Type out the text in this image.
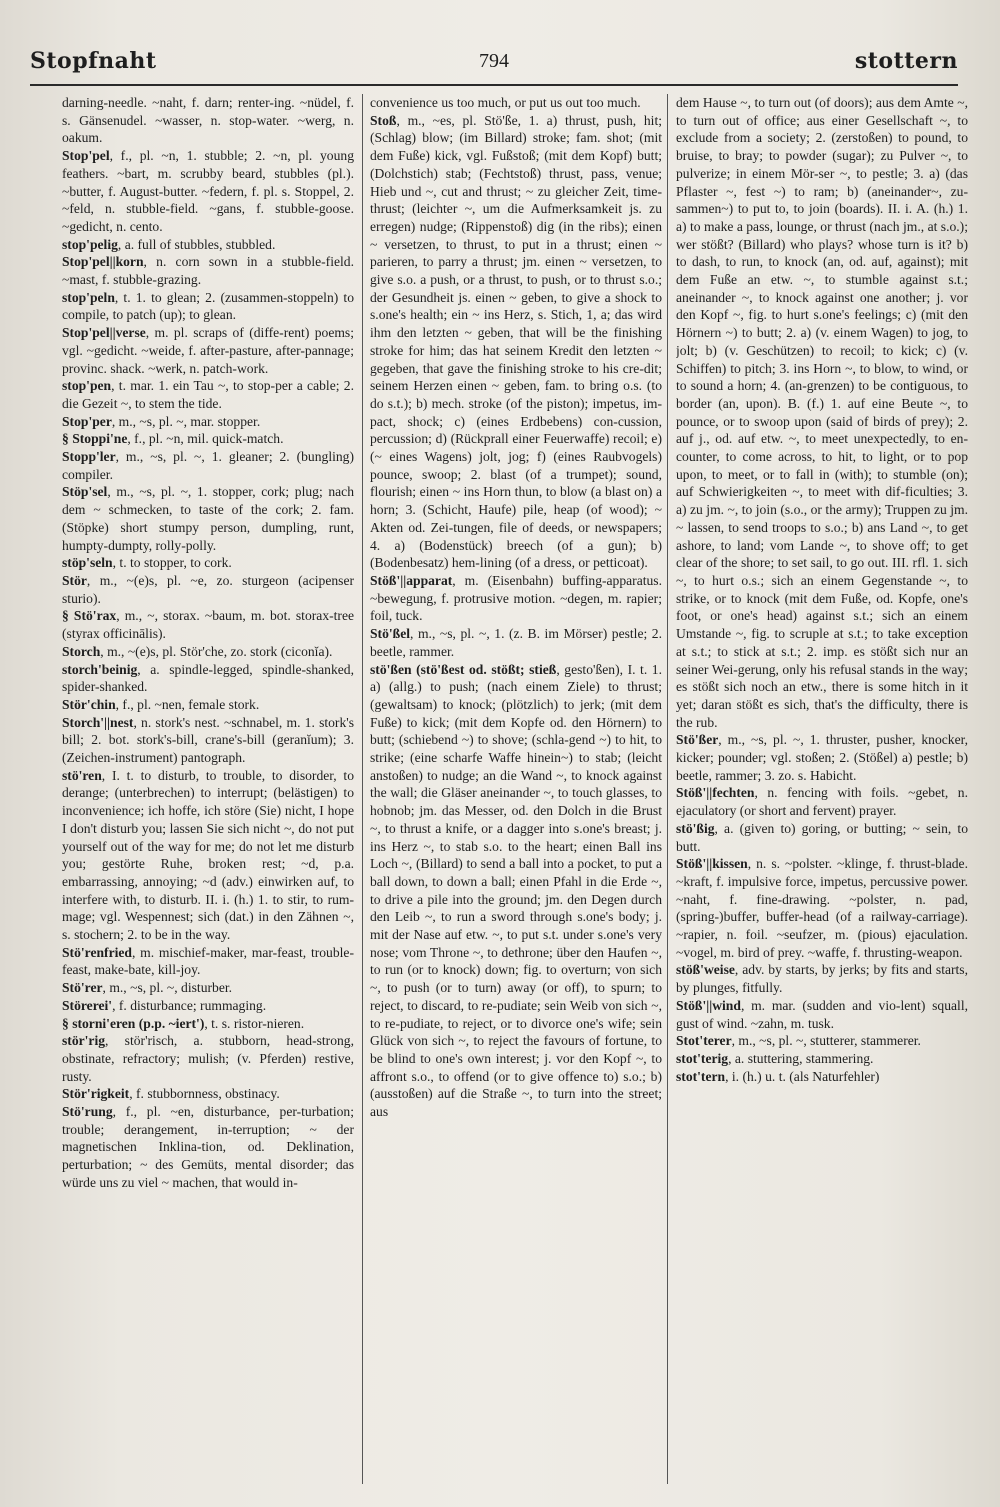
Stopfnaht	794	stottern

darning-needle. ~naht, f. darn; renter-ing. ~nüdel, f. s. Gänsenudel. ~wasser, n. stop-water. ~werg, n. oakum.

Stop'pel, f., pl. ~n, 1. stubble; 2. ~n, pl. young feathers. ~bart, m. scrubby beard, stubbles (pl.). ~butter, f. August-butter. ~federn, f. pl. s. Stoppel, 2. ~feld, n. stubble-field. ~gans, f. stubble-goose. ~gedicht, n. cento.

stop'pelig, a. full of stubbles, stubbled.

Stop'pel||korn, n. corn sown in a stubble-field. ~mast, f. stubble-grazing.

stop'peln, t. 1. to glean; 2. (zusammen-stoppeln) to compile, to patch (up); to glean.

Stop'pel||verse, m. pl. scraps of (diffe-rent) poems; vgl. ~gedicht. ~weide, f. after-pasture, after-pannage; provinc. shack. ~werk, n. patch-work.

stop'pen, t. mar. 1. ein Tau ~, to stop-per a cable; 2. die Gezeit ~, to stem the tide.

Stop'per, m., ~s, pl. ~, mar. stopper.

§ Stoppi'ne, f., pl. ~n, mil. quick-match.

Stopp'ler, m., ~s, pl. ~, 1. gleaner; 2. (bungling) compiler.

Stöp'sel, m., ~s, pl. ~, 1. stopper, cork; plug; nach dem ~ schmecken, to taste of the cork; 2. fam. (Stöpke) short stumpy person, dumpling, runt, humpty-dumpty, rolly-polly.

stöp'seln, t. to stopper, to cork.

Stör, m., ~(e)s, pl. ~e, zo. sturgeon (acipenser sturio).

§ Stö'rax, m., ~, storax. ~baum, m. bot. storax-tree (styrax officinālis).

Storch, m., ~(e)s, pl. Stör'che, zo. stork (ciconĭa).

storch'beinig, a. spindle-legged, spindle-shanked, spider-shanked.

Stör'chin, f., pl. ~nen, female stork.

Storch'||nest, n. stork's nest. ~schnabel, m. 1. stork's bill; 2. bot. stork's-bill, crane's-bill (geranĭum); 3. (Zeichen-instrument) pantograph.

stö'ren, I. t. to disturb, to trouble, to disorder, to derange; (unterbrechen) to interrupt; (belästigen) to inconvenience; ich hoffe, ich störe (Sie) nicht, I hope I don't disturb you; lassen Sie sich nicht ~, do not put yourself out of the way for me; do not let me disturb you; gestörte Ruhe, broken rest; ~d, p.a. embarrassing, annoying; ~d (adv.) einwirken auf, to interfere with, to disturb. II. i. (h.) 1. to stir, to rum-mage; vgl. Wespennest; sich (dat.) in den Zähnen ~, s. stochern; 2. to be in the way.

Stö'renfried, m. mischief-maker, mar-feast, trouble-feast, make-bate, kill-joy.

Stö'rer, m., ~s, pl. ~, disturber.

Störerei', f. disturbance; rummaging.

§ storni'eren (p.p. ~iert'), t. s. ristor-nieren.

stör'rig, stör'risch, a. stubborn, head-strong, obstinate, refractory; mulish; (v. Pferden) restive, rusty.

Stör'rigkeit, f. stubbornness, obstinacy.

Stö'rung, f., pl. ~en, disturbance, per-turbation; trouble; derangement, in-terruption; ~ der magnetischen Inklina-tion, od. Deklination, perturbation; ~ des Gemüts, mental disorder; das würde uns zu viel ~ machen, that would in-

convenience us too much, or put us out too much.

Stoß, m., ~es, pl. Stö'ße, 1. a) thrust, push, hit; (Schlag) blow; (im Billard) stroke; fam. shot; (mit dem Fuße) kick, vgl. Fußstoß; (mit dem Kopf) butt; (Dolchstich) stab; (Fechtstoß) thrust, pass, venue; Hieb und ~, cut and thrust; ~ zu gleicher Zeit, time-thrust; (leichter ~, um die Aufmerksamkeit js. zu erregen) nudge; (Rippenstoß) dig (in the ribs); einen ~ versetzen, to thrust, to put in a thrust; einen ~ parieren, to parry a thrust; jm. einen ~ versetzen, to give s.o. a push, or a thrust, to push, or to thrust s.o.; der Gesundheit js. einen ~ geben, to give a shock to s.one's health; ein ~ ins Herz, s. Stich, 1, a; das wird ihm den letzten ~ geben, that will be the finishing stroke for him; das hat seinem Kredit den letzten ~ gegeben, that gave the finishing stroke to his cre-dit; seinem Herzen einen ~ geben, fam. to bring o.s. (to do s.t.); b) mech. stroke (of the piston); impetus, im-pact, shock; c) (eines Erdbebens) con-cussion, percussion; d) (Rückprall einer Feuerwaffe) recoil; e) (~ eines Wagens) jolt, jog; f) (eines Raubvogels) pounce, swoop; 2. blast (of a trumpet); sound, flourish; einen ~ ins Horn thun, to blow (a blast on) a horn; 3. (Schicht, Haufe) pile, heap (of wood); ~ Akten od. Zei-tungen, file of deeds, or newspapers; 4. a) (Bodenstück) breech (of a gun); b) (Bodenbesatz) hem-lining (of a dress, or petticoat).

Stöß'||apparat, m. (Eisenbahn) buffing-apparatus. ~bewegung, f. protrusive motion. ~degen, m. rapier; foil, tuck.

Stö'ßel, m., ~s, pl. ~, 1. (z. B. im Mörser) pestle; 2. beetle, rammer.

stö'ßen (stö'ßest od. stößt; stieß, gesto'ßen), I. t. 1. a) (allg.) to push; (nach einem Ziele) to thrust; (gewaltsam) to knock; (plötzlich) to jerk; (mit dem Fuße) to kick; (mit dem Kopfe od. den Hörnern) to butt; (schiebend ~) to shove; (schla-gend ~) to hit, to strike; (eine scharfe Waffe hinein~) to stab; (leicht anstoßen) to nudge; an die Wand ~, to knock against the wall; die Gläser aneinander ~, to touch glasses, to hobnob; jm. das Messer, od. den Dolch in die Brust ~, to thrust a knife, or a dagger into s.one's breast; j. ins Herz ~, to stab s.o. to the heart; einen Ball ins Loch ~, (Billard) to send a ball into a pocket, to put a ball down, to down a ball; einen Pfahl in die Erde ~, to drive a pile into the ground; jm. den Degen durch den Leib ~, to run a sword through s.one's body; j. mit der Nase auf etw. ~, to put s.t. under s.one's very nose; vom Throne ~, to dethrone; über den Haufen ~, to run (or to knock) down; fig. to overturn; von sich ~, to push (or to turn) away (or off), to spurn; to reject, to discard, to re-pudiate; sein Weib von sich ~, to re-pudiate, to reject, or to divorce one's wife; sein Glück von sich ~, to reject the favours of fortune, to be blind to one's own interest; j. vor den Kopf ~, to affront s.o., to offend (or to give offence to) s.o.; b) (ausstoßen) auf die Straße ~, to turn into the street; aus

dem Hause ~, to turn out (of doors); aus dem Amte ~, to turn out of office; aus einer Gesellschaft ~, to exclude from a society; 2. (zerstoßen) to pound, to bruise, to bray; to powder (sugar); zu Pulver ~, to pulverize; in einem Mör-ser ~, to pestle; 3. a) (das Pflaster ~, fest ~) to ram; b) (aneinander~, zu-sammen~) to put to, to join (boards). II. i. A. (h.) 1. a) to make a pass, lounge, or thrust (nach jm., at s.o.); wer stößt? (Billard) who plays? whose turn is it? b) to dash, to run, to knock (an, od. auf, against); mit dem Fuße an etw. ~, to stumble against s.t.; aneinander ~, to knock against one another; j. vor den Kopf ~, fig. to hurt s.one's feelings; c) (mit den Hörnern ~) to butt; 2. a) (v. einem Wagen) to jog, to jolt; b) (v. Geschützen) to recoil; to kick; c) (v. Schiffen) to pitch; 3. ins Horn ~, to blow, to wind, or to sound a horn; 4. (an-grenzen) to be contiguous, to border (an, upon). B. (f.) 1. auf eine Beute ~, to pounce, or to swoop upon (said of birds of prey); 2. auf j., od. auf etw. ~, to meet unexpectedly, to en-counter, to come across, to hit, to light, or to pop upon, to meet, or to fall in (with); to stumble (on); auf Schwierigkeiten ~, to meet with dif-ficulties; 3. a) zu jm. ~, to join (s.o., or the army); Truppen zu jm. ~ lassen, to send troops to s.o.; b) ans Land ~, to get ashore, to land; vom Lande ~, to shove off; to get clear of the shore; to set sail, to go out. III. rfl. 1. sich ~, to hurt o.s.; sich an einem Gegenstande ~, to strike, or to knock (mit dem Fuße, od. Kopfe, one's foot, or one's head) against s.t.; sich an einem Umstande ~, fig. to scruple at s.t.; to take exception at s.t.; to stick at s.t.; 2. imp. es stößt sich nur an seiner Wei-gerung, only his refusal stands in the way; es stößt sich noch an etw., there is some hitch in it yet; daran stößt es sich, that's the difficulty, there is the rub.

Stö'ßer, m., ~s, pl. ~, 1. thruster, pusher, knocker, kicker; pounder; vgl. stoßen; 2. (Stößel) a) pestle; b) beetle, rammer; 3. zo. s. Habicht.

Stöß'||fechten, n. fencing with foils. ~gebet, n. ejaculatory (or short and fervent) prayer.

stö'ßig, a. (given to) goring, or butting; ~ sein, to butt.

Stöß'||kissen, n. s. ~polster. ~klinge, f. thrust-blade. ~kraft, f. impulsive force, impetus, percussive power. ~naht, f. fine-drawing. ~polster, n. pad, (spring-)buffer, buffer-head (of a railway-carriage). ~rapier, n. foil. ~seufzer, m. (pious) ejaculation. ~vogel, m. bird of prey. ~waffe, f. thrusting-weapon.

stöß'weise, adv. by starts, by jerks; by fits and starts, by plunges, fitfully.

Stöß'||wind, m. mar. (sudden and vio-lent) squall, gust of wind. ~zahn, m. tusk.

Stot'terer, m., ~s, pl. ~, stutterer, stammerer.

stot'terig, a. stuttering, stammering.

stot'tern, i. (h.) u. t. (als Naturfehler)
